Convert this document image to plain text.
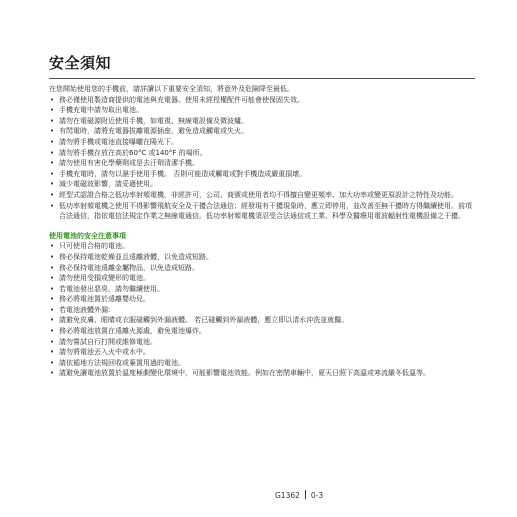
安全須知

在您開始使用您的手機前，請詳讀以下重要安全須知，將意外及危險降至最低。

• 務必僅使用製造商提供的電池與充電器。使用未經授權配件可能會使保固失效。
• 手機充電中請勿取出電池。
• 請勿在電磁源附近使用手機，如電視、無線電設備及微波爐。
• 有閃電時，請將充電器拔離電源插座，避免造成觸電或失火。
• 請勿將手機或電池直接曝曬在陽光下。
• 請勿將手機存放在高於60°C 或140°F 的場所。
• 請勿使用有害化學藥劑或是去汙劑清潔手機。
• 手機充電時，請勿以濕手使用手機。 否則可能造成觸電或對手機造成嚴重損壞。
• 減少電磁波影響，請妥適使用。
• 經型式認證合格之低功率射頻電機，非經許可，公司、商號或使用者均不得擅自變更頻率、加大功率或變更原設計之特性及功能。
• 低功率射頻電機之使用不得影響飛航安全及干擾合法通信；經發現有干擾現象時，應立即停用，並改善至無干擾時方得繼續使用。前項合法通信，指依電信法規定作業之無線電通信。低功率射頻電機須忍受合法通信或工業、科學及醫療用電波輻射性電機設備之干擾。
使用電池的安全注意事項
• 只可使用合格的電池。
• 務必保持電池乾燥並且遠離液體，以免造成短路。
• 務必保持電池遠離金屬物品，以免造成短路。
• 請勿使用受損或變形的電池。
• 若電池發出惡臭，請勿繼續使用。
• 務必將電池置於遠離嬰幼兒。
• 若電池液體外漏：
• 請避免皮膚、眼睛或衣服碰觸到外漏液體。 若已碰觸到外漏液體，應立即以清水沖洗並就醫。
• 務必將電池放置在遠離火源處，避免電池爆炸。
• 請勿嘗試自行打開或維修電池。
• 請勿將電池丟入火中或水中。
• 請依循地方法規回收或棄置用過的電池。
• 請避免讓電池放置於溫度極劇變化環境中，可能影響電池效能。例如在密閉車輛中，夏天日照下高溫或寒流嚴冬低溫等。
G1362 0-3
